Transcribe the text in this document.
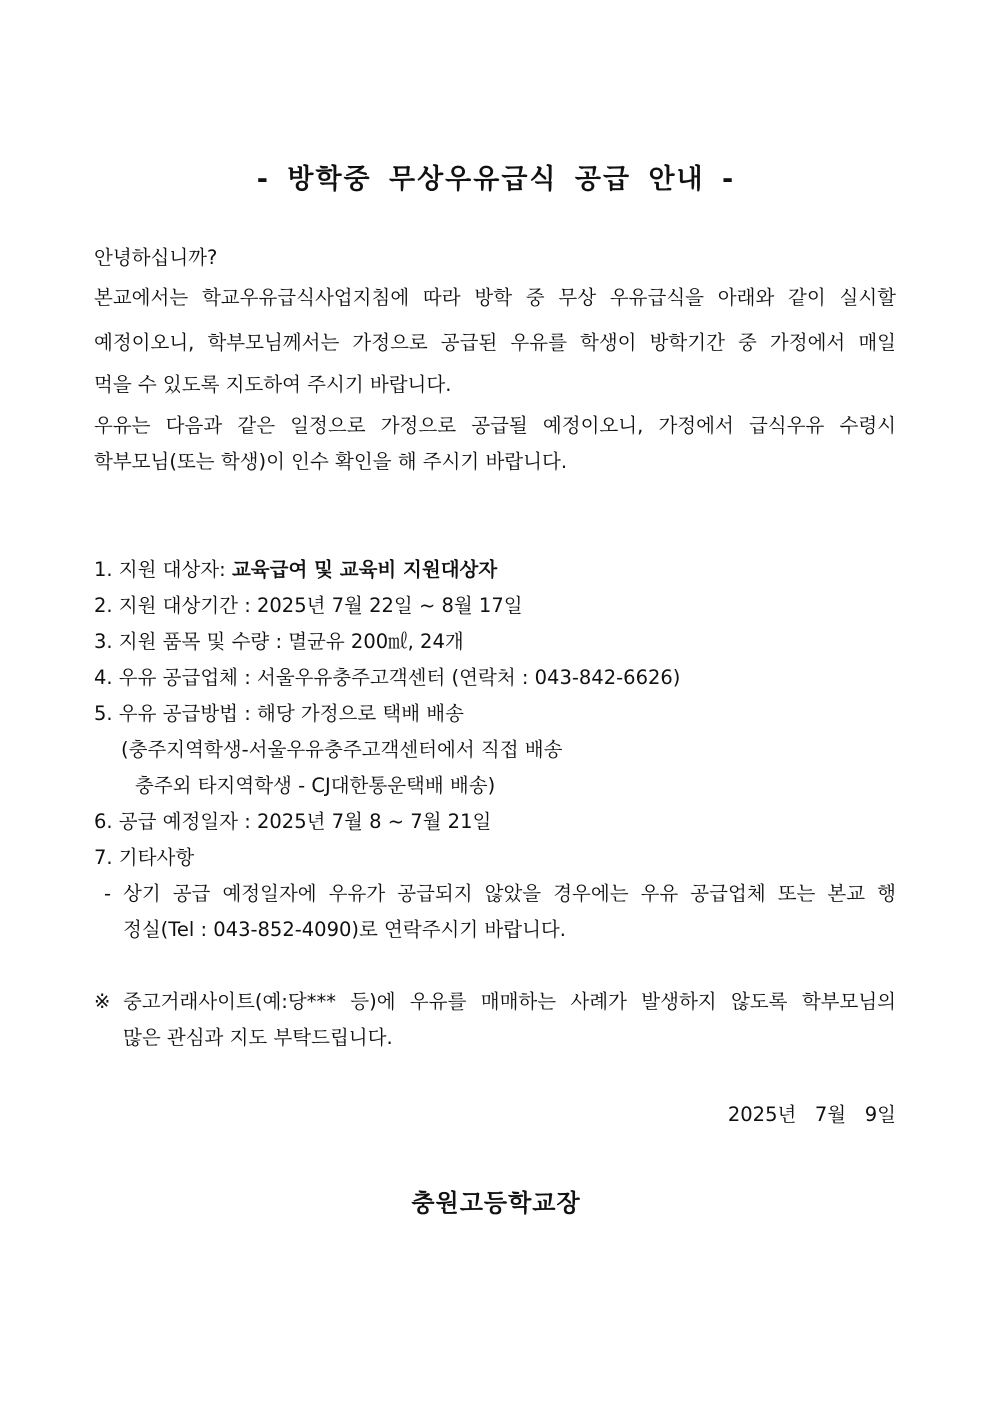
- 방학중 무상우유급식 공급 안내 -
안녕하십니까?
본교에서는 학교우유급식사업지침에 따라 방학 중 무상 우유급식을 아래와 같이 실시할
예정이오니, 학부모님께서는 가정으로 공급된 우유를 학생이 방학기간 중 가정에서 매일
먹을 수 있도록 지도하여 주시기 바랍니다.
우유는 다음과 같은 일정으로 가정으로 공급될 예정이오니, 가정에서 급식우유 수령시
학부모님(또는 학생)이 인수 확인을 해 주시기 바랍니다.
1. 지원 대상자: 교육급여 및 교육비 지원대상자
2. 지원 대상기간 : 2025년 7월 22일 ~ 8월 17일
3. 지원 품목 및 수량 : 멸균유 200㎖, 24개
4. 우유 공급업체 : 서울우유충주고객센터 (연락처 : 043-842-6626)
5. 우유 공급방법 : 해당 가정으로 택배 배송
(충주지역학생-서울우유충주고객센터에서 직접 배송
충주외 타지역학생 - CJ대한통운택배 배송)
6. 공급 예정일자 : 2025년 7월 8 ~ 7월 21일
7. 기타사항
- 상기 공급 예정일자에 우유가 공급되지 않았을 경우에는 우유 공급업체 또는 본교 행
정실(Tel : 043-852-4090)로 연락주시기 바랍니다.
※ 중고거래사이트(예:당*** 등)에 우유를 매매하는 사례가 발생하지 않도록 학부모님의
많은 관심과 지도 부탁드립니다.
2025년   7월   9일
충원고등학교장
